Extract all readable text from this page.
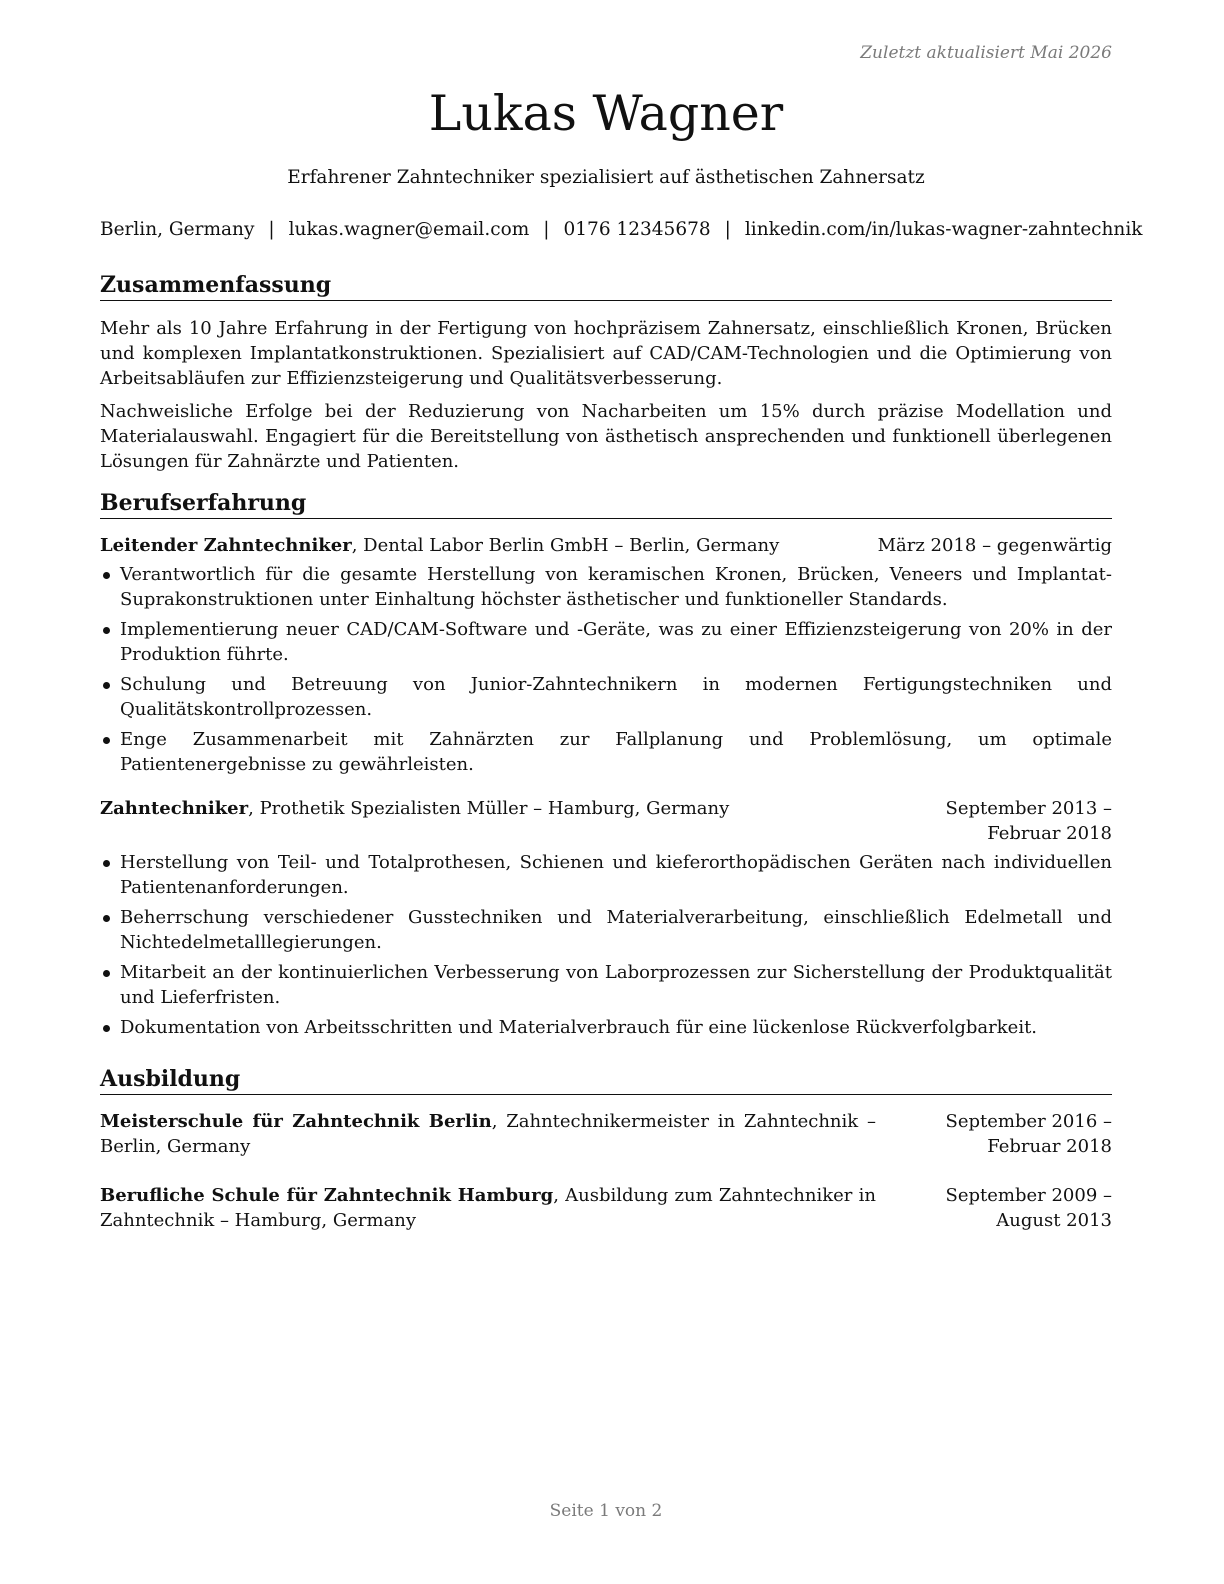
Zuletzt aktualisiert Mai 2026
Lukas Wagner
Erfahrener Zahntechniker spezialisiert auf ästhetischen Zahnersatz
Berlin, Germany | lukas.wagner@email.com | 0176 12345678 | linkedin.com/in/lukas-wagner-zahntechnik
Zusammenfassung

Mehr als 10 Jahre Erfahrung in der Fertigung von hochpräzisem Zahnersatz, einschließlich Kronen, Brücken und komplexen Implantatkonstruktionen. Spezialisiert auf CAD/CAM-Technologien und die Optimierung von Arbeitsabläufen zur Effizienzsteigerung und Qualitätsverbesserung.

Nachweisliche Erfolge bei der Reduzierung von Nacharbeiten um 15% durch präzise Modellation und Materialauswahl. Engagiert für die Bereitstellung von ästhetisch ansprechenden und funktionell überlegenen Lösungen für Zahnärzte und Patienten.

Berufserfahrung
Leitender Zahntechniker, Dental Labor Berlin GmbH – Berlin, Germany	März 2018 – gegenwärtig
Verantwortlich für die gesamte Herstellung von keramischen Kronen, Brücken, Veneers und Implantat-Suprakonstruktionen unter Einhaltung höchster ästhetischer und funktioneller Standards.
Implementierung neuer CAD/CAM-Software und -Geräte, was zu einer Effizienzsteigerung von 20% in der Produktion führte.
Schulung und Betreuung von Junior-Zahntechnikern in modernen Fertigungstechniken und Qualitätskontrollprozessen.
Enge Zusammenarbeit mit Zahnärzten zur Fallplanung und Problemlösung, um optimale Patientenergebnisse zu gewährleisten.
Zahntechniker, Prothetik Spezialisten Müller – Hamburg, Germany	September 2013 – Februar 2018
Herstellung von Teil- und Totalprothesen, Schienen und kieferorthopädischen Geräten nach individuellen Patientenanforderungen.
Beherrschung verschiedener Gusstechniken und Materialverarbeitung, einschließlich Edelmetall und Nichtedelmetalllegierungen.
Mitarbeit an der kontinuierlichen Verbesserung von Laborprozessen zur Sicherstellung der Produktqualität und Lieferfristen.
Dokumentation von Arbeitsschritten und Materialverbrauch für eine lückenlose Rückverfolgbarkeit.
Ausbildung
Meisterschule für Zahntechnik Berlin, Zahntechnikermeister in Zahntechnik – Berlin, Germany
September 2016 – Februar 2018
Berufliche Schule für Zahntechnik Hamburg, Ausbildung zum Zahntechniker in Zahntechnik – Hamburg, Germany
September 2009 – August 2013
Seite 1 von 2
